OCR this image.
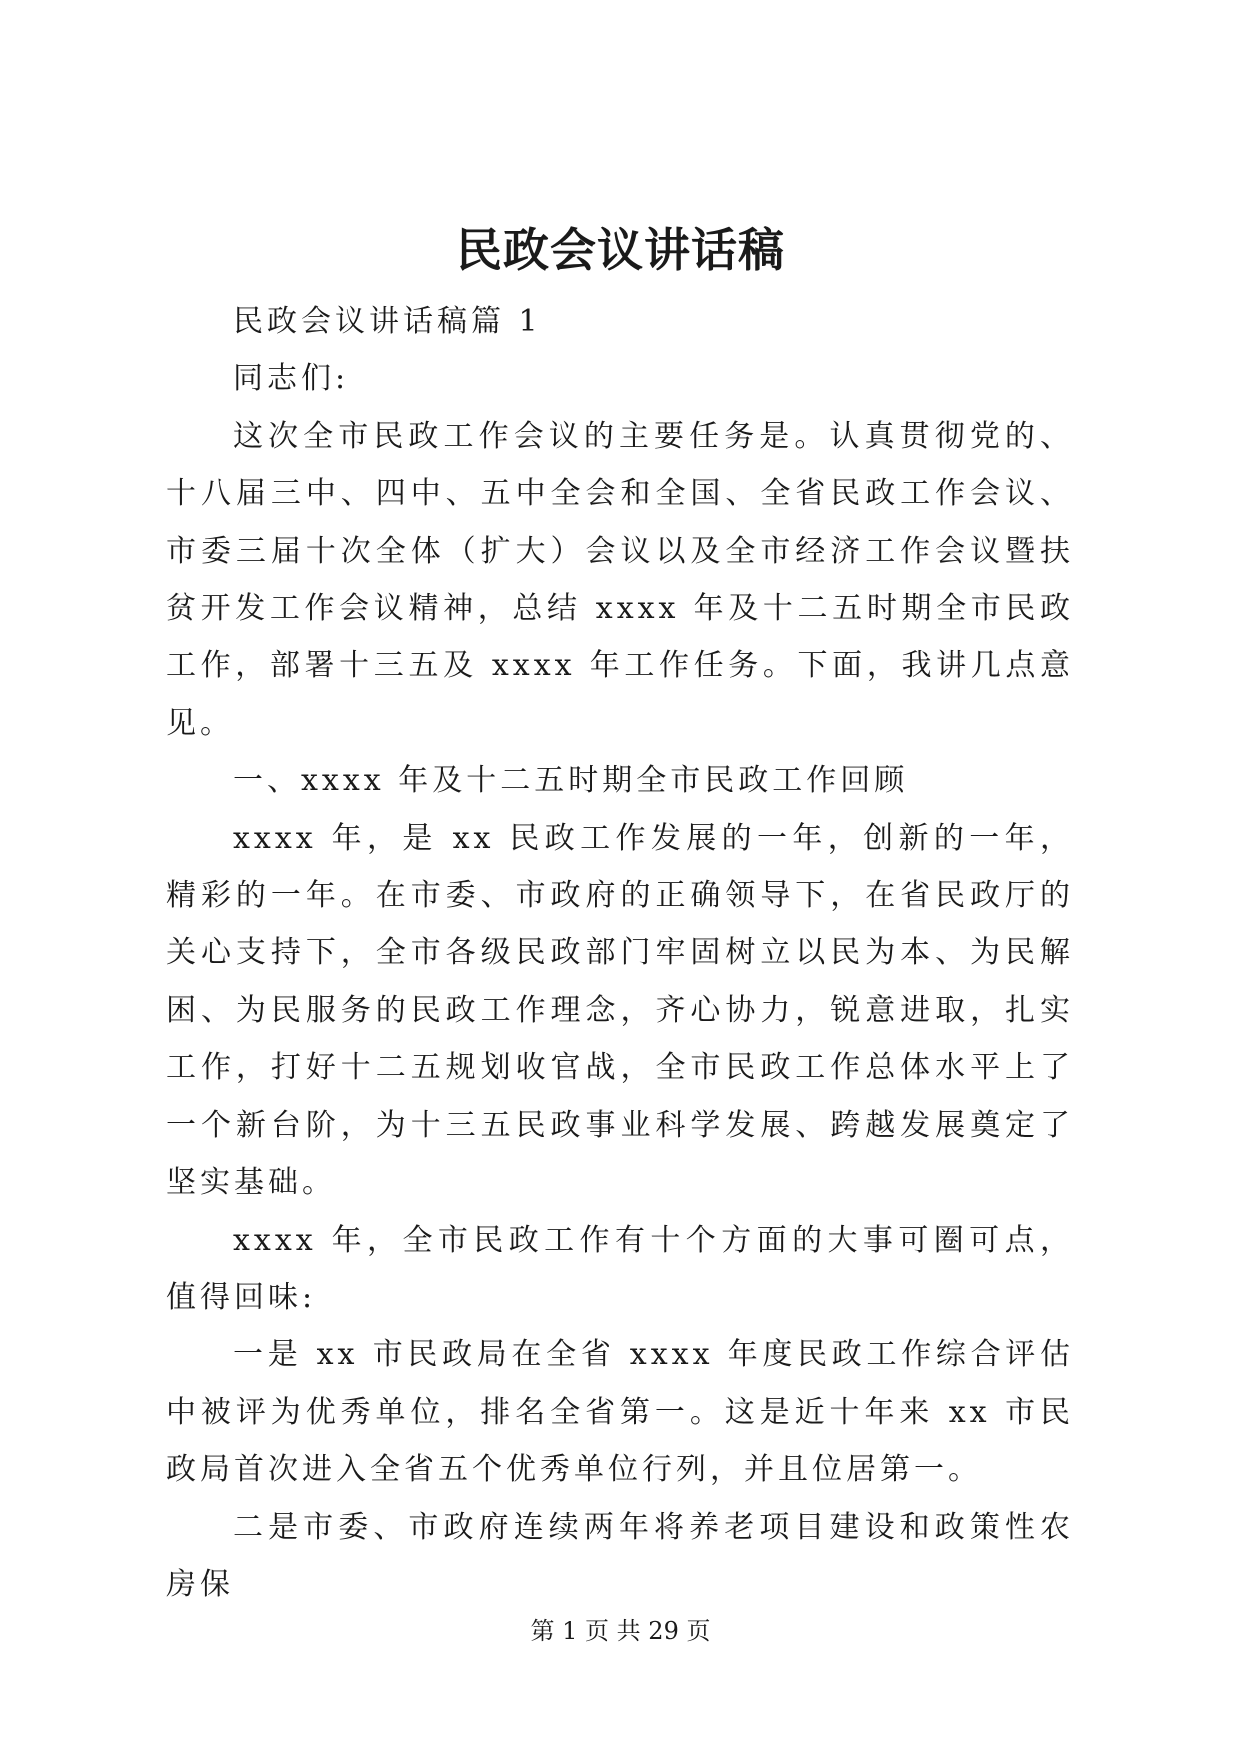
民政会议讲话稿

民政会议讲话稿篇 1

同志们:

这次全市民政工作会议的主要任务是。认真贯彻党的、十八届三中、四中、五中全会和全国、全省民政工作会议、市委三届十次全体（扩大）会议以及全市经济工作会议暨扶贫开发工作会议精神，总结 xxxx 年及十二五时期全市民政工作，部署十三五及 xxxx 年工作任务。下面，我讲几点意见。

一、xxxx 年及十二五时期全市民政工作回顾

xxxx 年，是 xx 民政工作发展的一年，创新的一年，精彩的一年。在市委、市政府的正确领导下，在省民政厅的关心支持下，全市各级民政部门牢固树立以民为本、为民解困、为民服务的民政工作理念，齐心协力，锐意进取，扎实工作，打好十二五规划收官战，全市民政工作总体水平上了一个新台阶，为十三五民政事业科学发展、跨越发展奠定了坚实基础。

xxxx 年，全市民政工作有十个方面的大事可圈可点，值得回味:

一是 xx 市民政局在全省 xxxx 年度民政工作综合评估中被评为优秀单位，排名全省第一。这是近十年来 xx 市民政局首次进入全省五个优秀单位行列，并且位居第一。

二是市委、市政府连续两年将养老项目建设和政策性农房保

第 1 页 共 29 页
